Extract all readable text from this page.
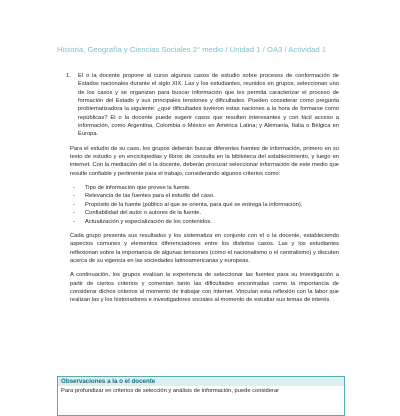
Historia, Geografía y Ciencias Sociales 2° medio / Unidad 1 / OA3 / Actividad 1

1. El o la docente propone al curso algunos casos de estudio sobre procesos de conformación de Estados nacionales durante el siglo XIX. Las y los estudiantes, reunidos en grupos, seleccionan uno de los casos y se organizan para buscar información que les permita caracterizar el proceso de formación del Estado y sus principales tensiones y dificultades. Pueden considerar como pregunta problematizadora la siguiente: ¿qué dificultades tuvieron estas naciones a la hora de formarse como repúblicas? El o la docente puede sugerir casos que resulten interesantes y con fácil acceso a información, como Argentina, Colombia o México en América Latina; y Alemania, Italia o Bélgica en Europa.

Para el estudio de su caso, los grupos deberán buscar diferentes fuentes de información, primero en su texto de estudio y en enciclopedias y libros de consulta en la biblioteca del establecimiento, y luego en internet. Con la mediación del o la docente, deberán procurar seleccionar información de este medio que resulte confiable y pertinente para el trabajo, considerando algunos criterios como:

- Tipo de información que provee la fuente.
- Relevancia de las fuentes para el estudio del caso.
- Propósito de la fuente (público al que se orienta, para qué se entrega la información).
- Confiabilidad del autor o autores de la fuente.
- Actualización y especialización de los contenidos.

Cada grupo presenta sus resultados y los sistematiza en conjunto con el o la docente, estableciendo aspectos comunes y elementos diferenciadores entre los distintos casos. Las y los estudiantes reflexionan sobre la importancia de algunas tensiones (como el nacionalismo o el centralismo) y discuten acerca de su vigencia en las sociedades latinoamericanas y europeas.

A continuación, los grupos evalúan la experiencia de seleccionar las fuentes para su investigación a partir de ciertos criterios y comentan tanto las dificultades encontradas como la importancia de considerar dichos criterios al momento de trabajar con internet. Vinculan esta reflexión con la labor que realizan las y los historiadores e investigadores sociales al momento de estudiar sus temas de interés.

Observaciones a la o el docente
Para profundizar en criterios de selección y análisis de información, puede considerar
